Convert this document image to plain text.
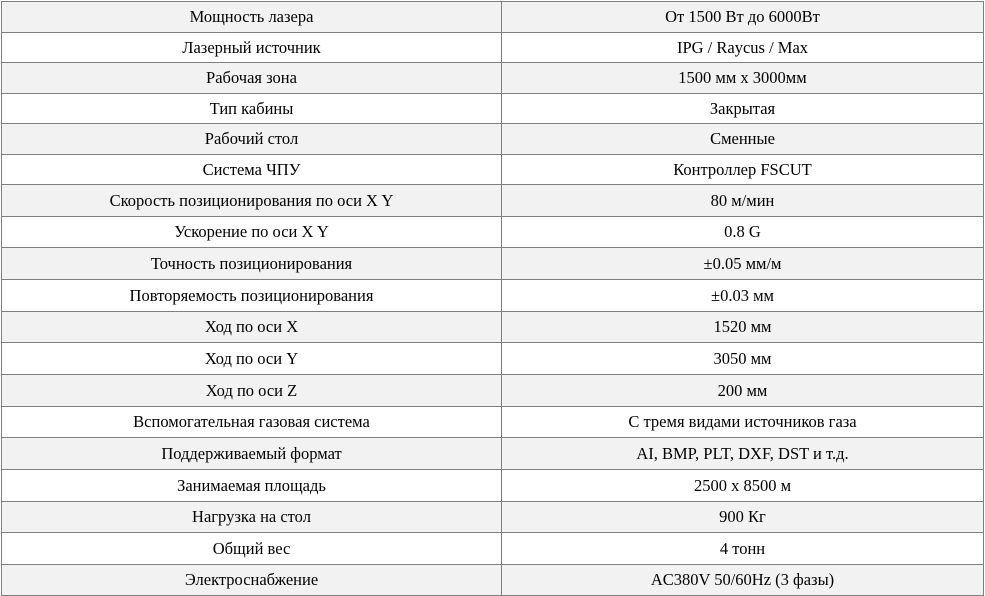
Мощность лазера	От 1500 Вт до 6000Вт
Лазерный источник	IPG / Raycus / Max
Рабочая зона	1500 мм x 3000мм
Тип кабины	Закрытая
Рабочий стол	Сменные
Система ЧПУ	Контроллер FSCUT
Скорость позиционирования по оси X Y	80 м/мин
Ускорение по оси X Y	0.8 G
Точность позиционирования	±0.05 мм/м
Повторяемость позиционирования	±0.03 мм
Ход по оси X	1520 мм
Ход по оси Y	3050 мм
Ход по оси Z	200 мм
Вспомогательная газовая система	С тремя видами источников газа
Поддерживаемый формат	AI, BMP, PLT, DXF, DST и т.д.
Занимаемая площадь	2500 x 8500 м
Нагрузка на стол	900 Кг
Общий вес	4 тонн
Электроснабжение	AC380V 50/60Hz (3 фазы)
